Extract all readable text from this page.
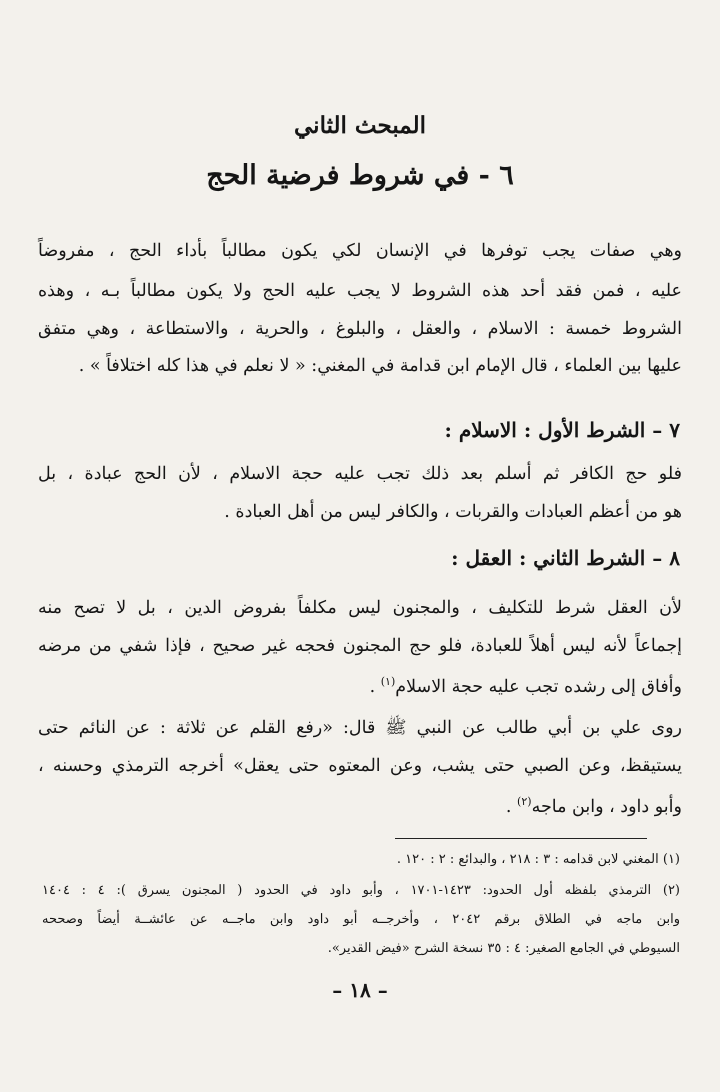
المبحث الثاني
٦ - في شروط فرضية الحج
وهي صفات يجب توفرها في الإنسان لكي يكون مطالباً بأداء الحج ، مفروضاً
عليه ، فمن فقد أحد هذه الشروط لا يجب عليه الحج ولا يكون مطالباً بـه ، وهذه
الشروط خمسة : الاسلام ، والعقل ، والبلوغ ، والحرية ، والاستطاعة ، وهي متفق
عليها بين العلماء ، قال الإمام ابن قدامة في المغني: « لا نعلم في هذا كله اختلافاً » .
٧ – الشرط الأول : الاسلام :
فلو حج الكافر ثم أسلم بعد ذلك تجب عليه حجة الاسلام ، لأن الحج عبادة ، بل
هو من أعظم العبادات والقربات ، والكافر ليس من أهل العبادة .
٨ – الشرط الثاني : العقل :
لأن العقل شرط للتكليف ، والمجنون ليس مكلفاً بفروض الدين ، بل لا تصح منه
إجماعاً لأنه ليس أهلاً للعبادة، فلو حج المجنون فحجه غير صحيح ، فإذا شفي من مرضه
وأفاق إلى رشده تجب عليه حجة الاسلام$^{(١)}$ .
روى علي بن أبي طالب عن النبي ﷺ قال: «رفع القلم عن ثلاثة : عن النائم حتى
يستيقظ، وعن الصبي حتى يشب، وعن المعتوه حتى يعقل» أخرجه الترمذي وحسنه ،
وأبو داود ، وابن ماجه$^{(٢)}$ .
(١) المغني لابن قدامه : ٣ : ٢١٨ ، والبدائع : ٢ : ١٢٠ .
(٢) الترمذي بلفظه أول الحدود: ١٤٢٣-١٧٠١ ، وأبو داود في الحدود ( المجنون يسرق ): ٤ : ١٤٠٤
وابن ماجه في الطلاق برقم ٢٠٤٢ ، وأخرجــه أبو داود وابن ماجــه عن عائشــة أيضاً وصححه
السيوطي في الجامع الصغير: ٤ : ٣٥ نسخة الشرح «فيض القدير».
– ١٨ –
